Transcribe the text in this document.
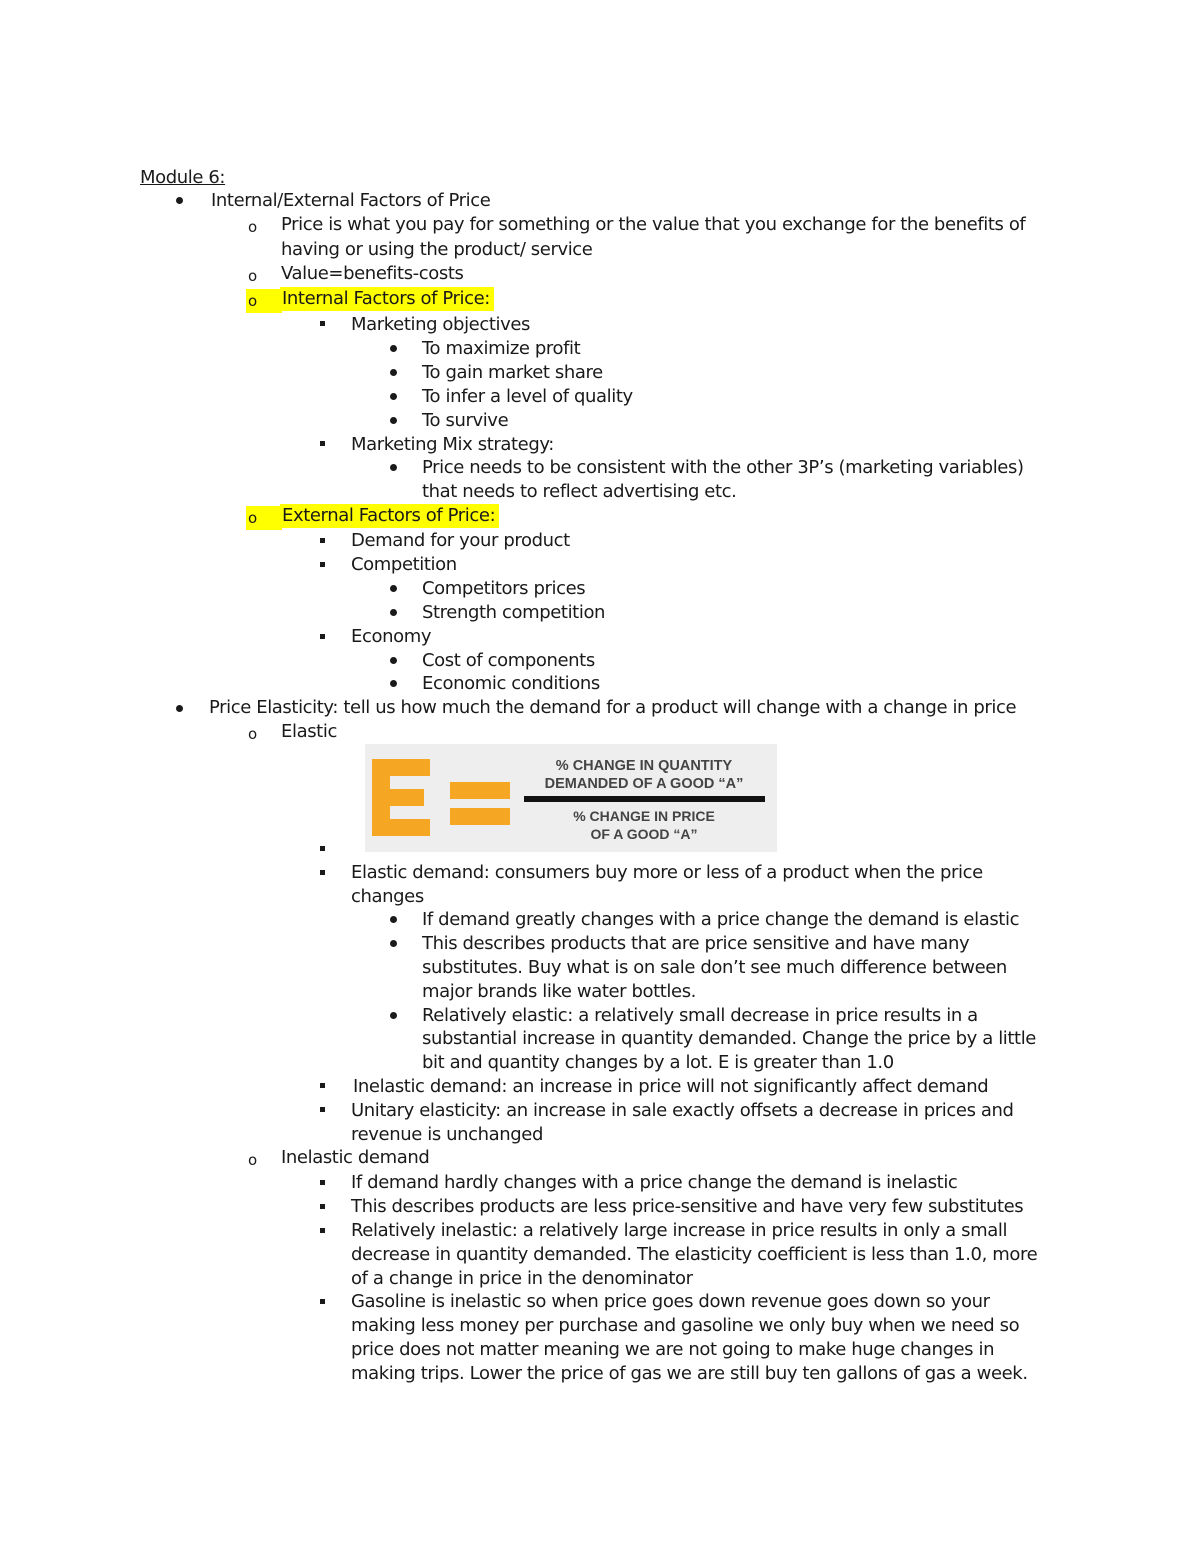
Module 6:
Internal/External Factors of Price
o Price is what you pay for something or the value that you exchange for the benefits of
having or using the product/ service
o Value=benefits-costs
o	Internal Factors of Price:
Marketing objectives
To maximize profit
To gain market share
To infer a level of quality
To survive
Marketing Mix strategy:
Price needs to be consistent with the other 3P’s (marketing variables)
that needs to reflect advertising etc.
o	External Factors of Price:
Demand for your product
Competition
Competitors prices
Strength competition
Economy
Cost of components
Economic conditions
Price Elasticity: tell us how much the demand for a product will change with a change in price
o Elastic
% CHANGE IN QUANTITY
DEMANDED OF A GOOD “A”
% CHANGE IN PRICE
OF A GOOD “A”
Elastic demand: consumers buy more or less of a product when the price
changes
If demand greatly changes with a price change the demand is elastic
This describes products that are price sensitive and have many
substitutes. Buy what is on sale don’t see much difference between
major brands like water bottles.
Relatively elastic: a relatively small decrease in price results in a
substantial increase in quantity demanded. Change the price by a little
bit and quantity changes by a lot. E is greater than 1.0
Inelastic demand: an increase in price will not significantly affect demand
Unitary elasticity: an increase in sale exactly offsets a decrease in prices and
revenue is unchanged
o Inelastic demand
If demand hardly changes with a price change the demand is inelastic
This describes products are less price-sensitive and have very few substitutes
Relatively inelastic: a relatively large increase in price results in only a small
decrease in quantity demanded. The elasticity coefficient is less than 1.0, more
of a change in price in the denominator
Gasoline is inelastic so when price goes down revenue goes down so your
making less money per purchase and gasoline we only buy when we need so
price does not matter meaning we are not going to make huge changes in
making trips. Lower the price of gas we are still buy ten gallons of gas a week.
